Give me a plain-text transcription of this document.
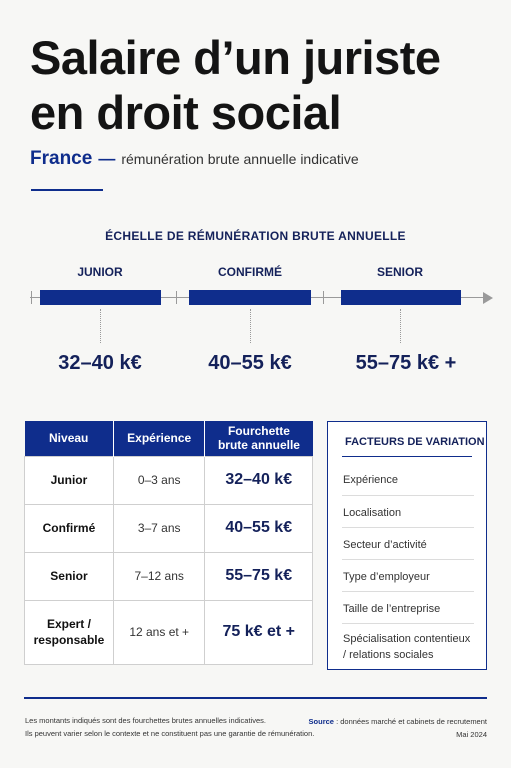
Salaire d’un juriste
en droit social
France — rémunération brute annuelle indicative
ÉCHELLE DE RÉMUNÉRATION BRUTE ANNUELLE
JUNIOR	CONFIRMÉ	SENIOR
32–40 k€	40–55 k€	55–75 k€ +
Niveau	Expérience	Fourchette brute annuelle
Junior	0–3 ans	32–40 k€
Confirmé	3–7 ans	40–55 k€
Senior	7–12 ans	55–75 k€
Expert / responsable	12 ans et +	75 k€ et +
FACTEURS DE VARIATION
Expérience
Localisation
Secteur d’activité
Type d’employeur
Taille de l’entreprise
Spécialisation contentieux / relations sociales
Les montants indiqués sont des fourchettes brutes annuelles indicatives.
Ils peuvent varier selon le contexte et ne constituent pas une garantie de rémunération.
Source : données marché et cabinets de recrutement
Mai 2024
